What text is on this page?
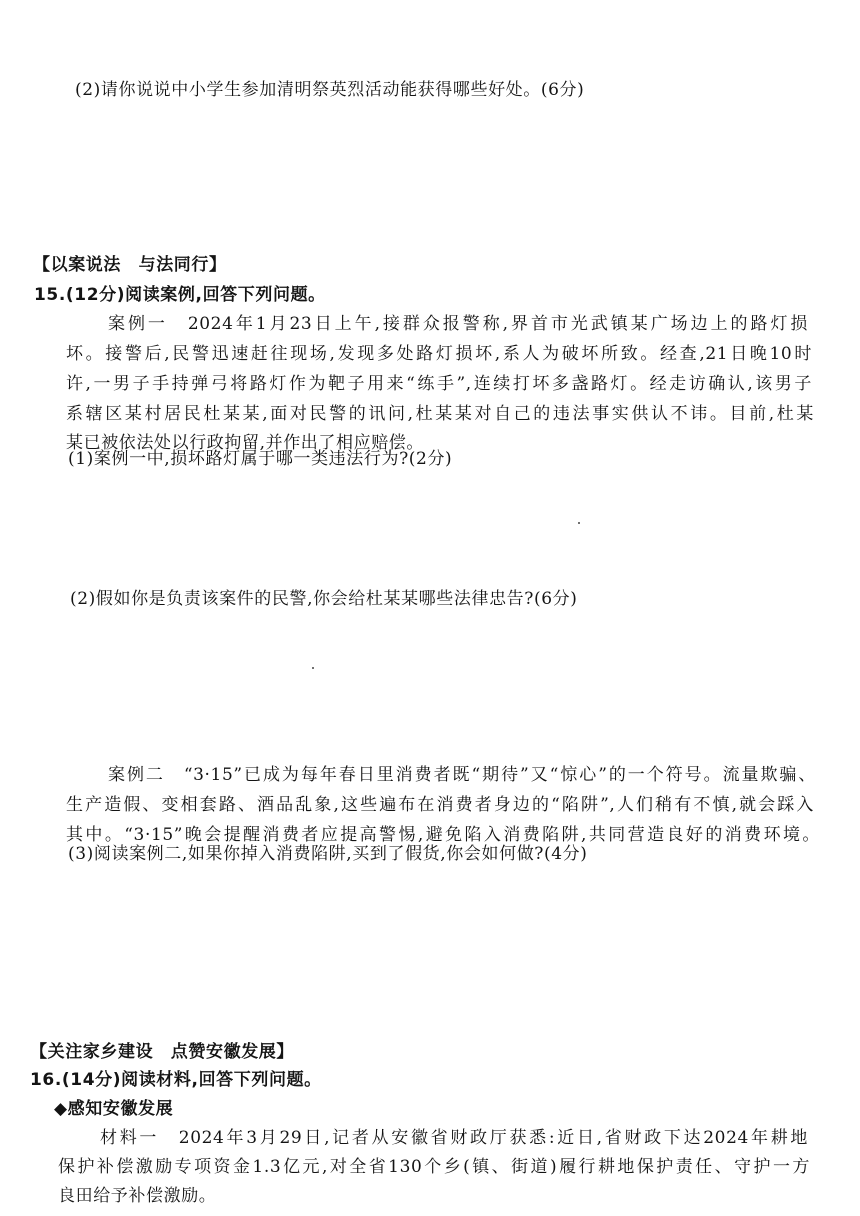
(2)请你说说中小学生参加清明祭英烈活动能获得哪些好处。(6分)
【以案说法　与法同行】
15.(12分)阅读案例,回答下列问题。
案例一　2024年1月23日上午,接群众报警称,界首市光武镇某广场边上的路灯损
坏。接警后,民警迅速赶往现场,发现多处路灯损坏,系人为破坏所致。经查,21日晚10时
许,一男子手持弹弓将路灯作为靶子用来“练手”,连续打坏多盏路灯。经走访确认,该男子
系辖区某村居民杜某某,面对民警的讯问,杜某某对自己的违法事实供认不讳。目前,杜某
某已被依法处以行政拘留,并作出了相应赔偿。
(1)案例一中,损坏路灯属于哪一类违法行为?(2分)
(2)假如你是负责该案件的民警,你会给杜某某哪些法律忠告?(6分)
案例二　“3·15”已成为每年春日里消费者既“期待”又“惊心”的一个符号。流量欺骗、
生产造假、变相套路、酒品乱象,这些遍布在消费者身边的“陷阱”,人们稍有不慎,就会踩入
其中。“3·15”晚会提醒消费者应提高警惕,避免陷入消费陷阱,共同营造良好的消费环境。
(3)阅读案例二,如果你掉入消费陷阱,买到了假货,你会如何做?(4分)
【关注家乡建设　点赞安徽发展】
16.(14分)阅读材料,回答下列问题。
◆感知安徽发展
材料一　2024年3月29日,记者从安徽省财政厅获悉:近日,省财政下达2024年耕地
保护补偿激励专项资金1.3亿元,对全省130个乡(镇、街道)履行耕地保护责任、守护一方
良田给予补偿激励。
